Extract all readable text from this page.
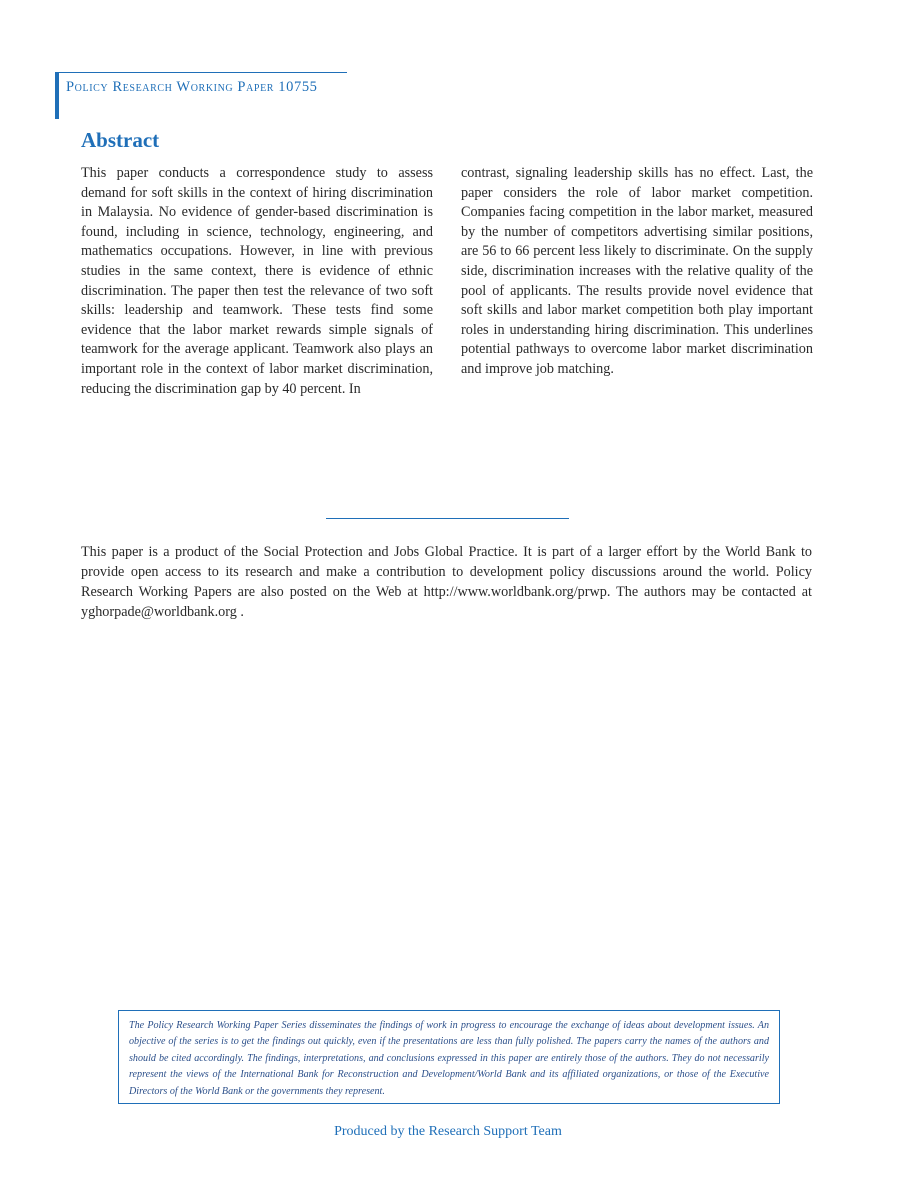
Policy Research Working Paper 10755
Abstract

This paper conducts a correspondence study to assess demand for soft skills in the context of hiring discrimination in Malaysia. No evidence of gender-based discrimination is found, including in science, technology, engineering, and mathematics occupations. However, in line with previous studies in the same context, there is evidence of ethnic discrimination. The paper then test the relevance of two soft skills: leadership and teamwork. These tests find some evidence that the labor market rewards simple signals of teamwork for the average applicant. Teamwork also plays an important role in the context of labor market discrimination, reducing the discrimination gap by 40 percent. In

contrast, signaling leadership skills has no effect. Last, the paper considers the role of labor market competition. Companies facing competition in the labor market, measured by the number of competitors advertising similar positions, are 56 to 66 percent less likely to discriminate. On the supply side, discrimination increases with the relative quality of the pool of applicants. The results provide novel evidence that soft skills and labor market competition both play important roles in understanding hiring discrimination. This underlines potential pathways to overcome labor market discrimination and improve job matching.

This paper is a product of the Social Protection and Jobs Global Practice. It is part of a larger effort by the World Bank to provide open access to its research and make a contribution to development policy discussions around the world. Policy Research Working Papers are also posted on the Web at http://www.worldbank.org/prwp. The authors may be contacted at yghorpade@worldbank.org .

The Policy Research Working Paper Series disseminates the findings of work in progress to encourage the exchange of ideas about development issues. An objective of the series is to get the findings out quickly, even if the presentations are less than fully polished. The papers carry the names of the authors and should be cited accordingly. The findings, interpretations, and conclusions expressed in this paper are entirely those of the authors. They do not necessarily represent the views of the International Bank for Reconstruction and Development/World Bank and its affiliated organizations, or those of the Executive Directors of the World Bank or the governments they represent.
Produced by the Research Support Team
